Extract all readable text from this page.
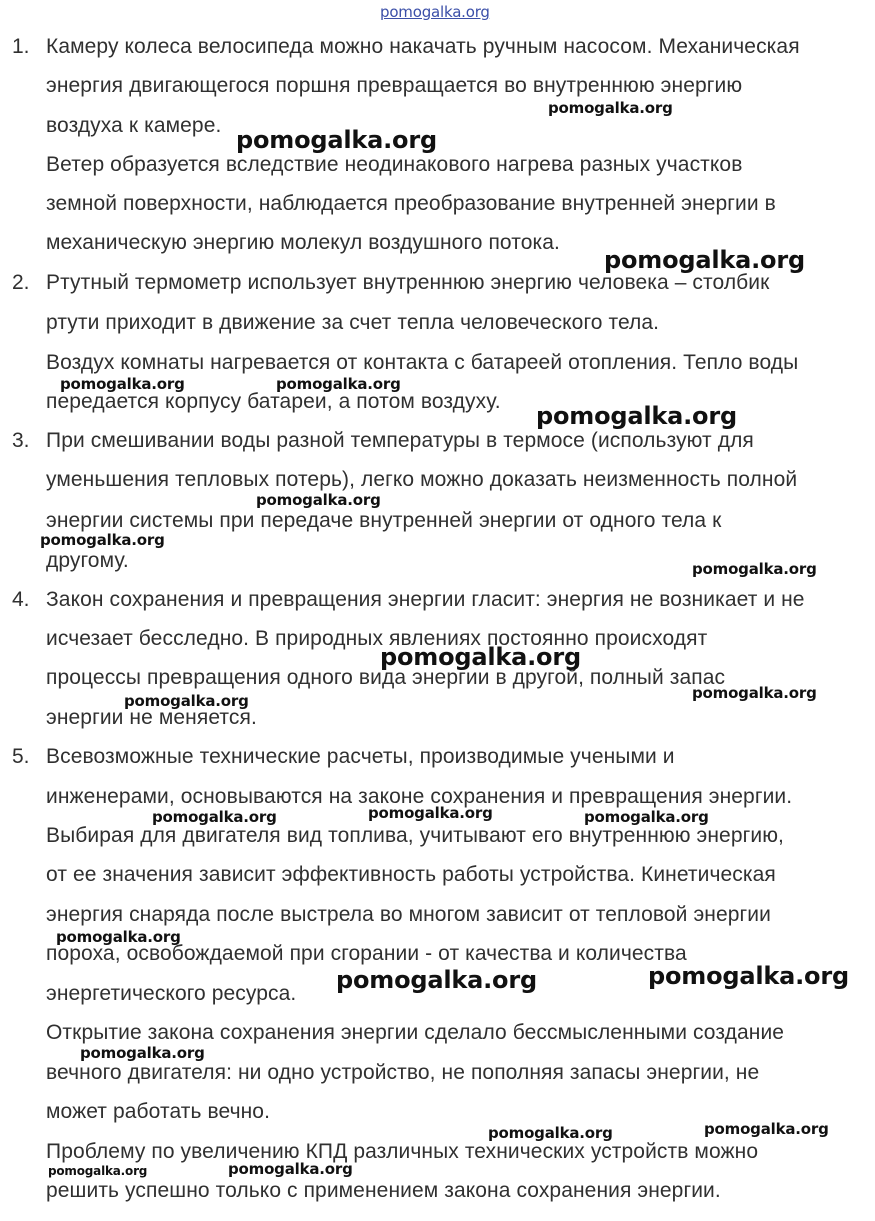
pomogalka.org
1. Камеру колеса велосипеда можно накачать ручным насосом. Механическая
энергия двигающегося поршня превращается во внутреннюю энергию
воздуха к камере.
Ветер образуется вследствие неодинакового нагрева разных участков
земной поверхности, наблюдается преобразование внутренней энергии в
механическую энергию молекул воздушного потока.
2. Ртутный термометр использует внутреннюю энергию человека – столбик
ртути приходит в движение за счет тепла человеческого тела.
Воздух комнаты нагревается от контакта с батареей отопления. Тепло воды
передается корпусу батареи, а потом воздуху.
3. При смешивании воды разной температуры в термосе (используют для
уменьшения тепловых потерь), легко можно доказать неизменность полной
энергии системы при передаче внутренней энергии от одного тела к
другому.
4. Закон сохранения и превращения энергии гласит: энергия не возникает и не
исчезает бесследно. В природных явлениях постоянно происходят
процессы превращения одного вида энергии в другой, полный запас
энергии не меняется.
5. Всевозможные технические расчеты, производимые учеными и
инженерами, основываются на законе сохранения и превращения энергии.
Выбирая для двигателя вид топлива, учитывают его внутреннюю энергию,
от ее значения зависит эффективность работы устройства. Кинетическая
энергия снаряда после выстрела во многом зависит от тепловой энергии
пороха, освобождаемой при сгорании - от качества и количества
энергетического ресурса.
Открытие закона сохранения энергии сделало бессмысленными создание
вечного двигателя: ни одно устройство, не пополняя запасы энергии, не
может работать вечно.
Проблему по увеличению КПД различных технических устройств можно
решить успешно только с применением закона сохранения энергии.
pomogalka.org
pomogalka.org
pomogalka.org
pomogalka.org	pomogalka.org
pomogalka.org
pomogalka.org
pomogalka.org
pomogalka.org
pomogalka.org
pomogalka.org
pomogalka.org
pomogalka.org
pomogalka.org	pomogalka.org
pomogalka.org
pomogalka.org	pomogalka.org
pomogalka.org
pomogalka.org
pomogalka.org
pomogalka.org	pomogalka.org
